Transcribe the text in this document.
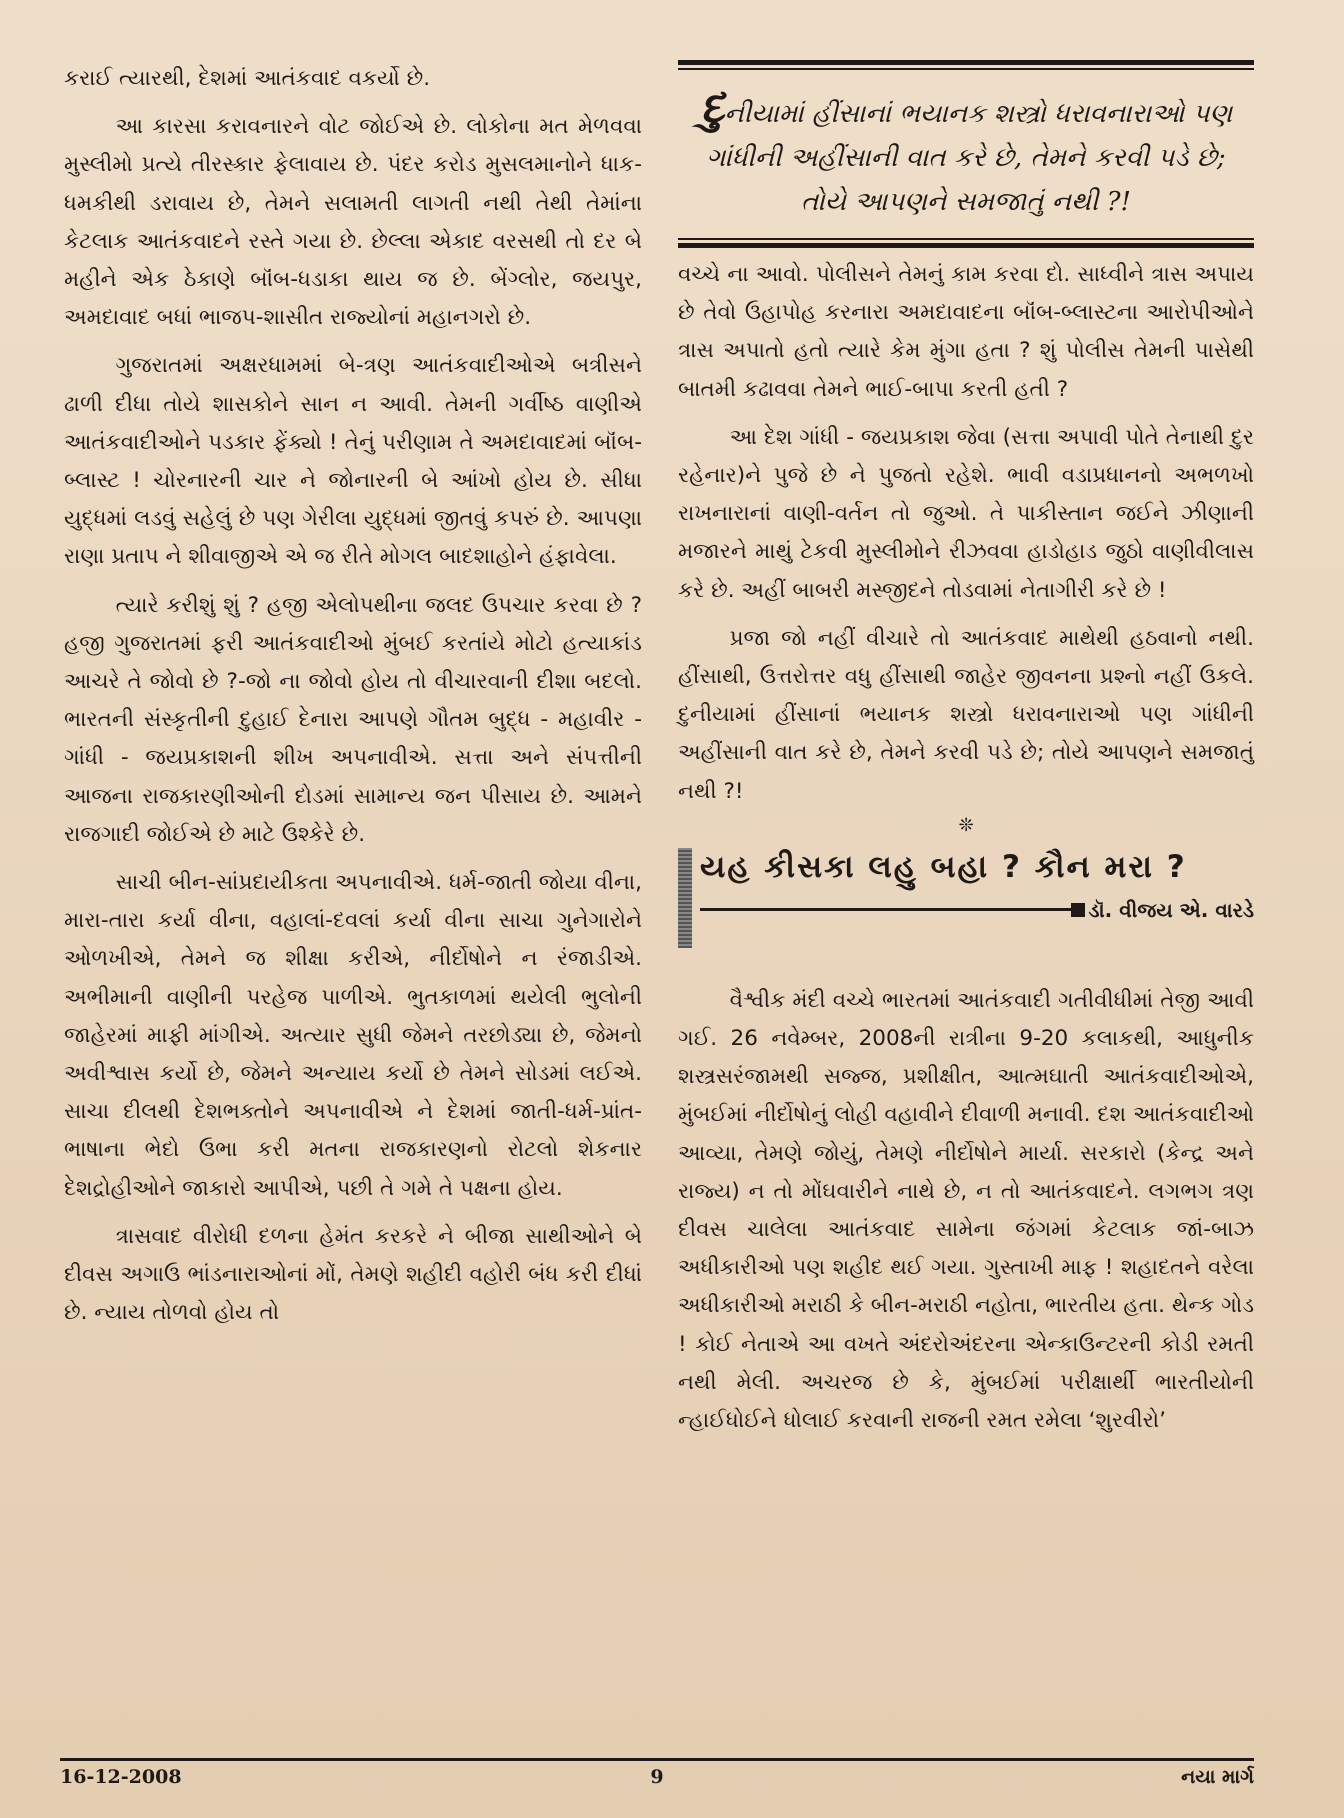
કરાઈ ત્યારથી, દેશમાં આતંકવાદ વકર્યો છે.

આ કારસા કરાવનારને વોટ જોઈએ છે. લોકોના મત મેળવવા મુસ્લીમો પ્રત્યે તીરસ્કાર ફેલાવાય છે. પંદર કરોડ મુસલમાનોને ધાક-ધમકીથી ડરાવાય છે, તેમને સલામતી લાગતી નથી તેથી તેમાંના કેટલાક આતંકવાદને રસ્તે ગયા છે. છેલ્લા એકાદ વરસથી તો દર બે મહીને એક ઠેકાણે બૉંબ-ધડાકા થાય જ છે. બેંગ્લોર, જયપુર, અમદાવાદ બધાં ભાજપ-શાસીત રાજ્યોનાં મહાનગરો છે.

ગુજરાતમાં અક્ષરધામમાં બે-ત્રણ આતંકવાદીઓએ બત્રીસને ઢાળી દીધા તોયે શાસકોને સાન ન આવી. તેમની ગર્વીષ્ઠ વાણીએ આતંકવાદીઓને પડકાર ફેંક્યો ! તેનું પરીણામ તે અમદાવાદમાં બૉંબ-બ્લાસ્ટ ! ચોરનારની ચાર ને જોનારની બે આંખો હોય છે. સીધા યુદ્ધમાં લડવું સહેલું છે પણ ગેરીલા યુદ્ધમાં જીતવું કપરું છે. આપણા રાણા પ્રતાપ ને શીવાજીએ એ જ રીતે મોગલ બાદશાહોને હંફાવેલા.

ત્યારે કરીશું શું ? હજી એલોપથીના જલદ ઉપચાર કરવા છે ? હજી ગુજરાતમાં ફરી આતંકવાદીઓ મુંબઈ કરતાંયે મોટો હત્યાકાંડ આચરે તે જોવો છે ?-જો ના જોવો હોય તો વીચારવાની દીશા બદલો. ભારતની સંસ્કૃતીની દુહાઈ દેનારા આપણે ગૌતમ બુદ્ધ - મહાવીર - ગાંધી - જયપ્રકાશની શીખ અપનાવીએ. સત્તા અને સંપત્તીની આજના રાજકારણીઓની દોડમાં સામાન્ય જન પીસાય છે. આમને રાજગાદી જોઈએ છે માટે ઉશ્કેરે છે.

સાચી બીન-સાંપ્રદાયીકતા અપનાવીએ. ધર્મ-જાતી જોયા વીના, મારા-તારા કર્યા વીના, વહાલાં-દવલાં કર્યા વીના સાચા ગુનેગારોને ઓળખીએ, તેમને જ શીક્ષા કરીએ, નીર્દોષોને ન રંજાડીએ. અભીમાની વાણીની પરહેજ પાળીએ. ભુતકાળમાં થયેલી ભુલોની જાહેરમાં માફી માંગીએ. અત્યાર સુધી જેમને તરછોડ્યા છે, જેમનો અવીશ્વાસ કર્યો છે, જેમને અન્યાય કર્યો છે તેમને સોડમાં લઈએ. સાચા દીલથી દેશભક્તોને અપનાવીએ ને દેશમાં જાતી-ધર્મ-પ્રાંત-ભાષાના ભેદો ઉભા કરી મતના રાજકારણનો રોટલો શેકનાર દેશદ્રોહીઓને જાકારો આપીએ, પછી તે ગમે તે પક્ષના હોય.

ત્રાસવાદ વીરોધી દળના હેમંત કરકરે ને બીજા સાથીઓને બે દીવસ અગાઉ ભાંડનારાઓનાં મોં, તેમણે શહીદી વહોરી બંધ કરી દીધાં છે. ન્યાય તોળવો હોય તો

દુનીયામાં હીંસાનાં ભયાનક શસ્ત્રો ધરાવનારાઓ પણ ગાંધીની અહીંસાની વાત કરે છે, તેમને કરવી પડે છે; તોયે આપણને સમજાતું નથી ?!

વચ્ચે ના આવો. પોલીસને તેમનું કામ કરવા દો. સાધ્વીને ત્રાસ અપાય છે તેવો ઉહાપોહ કરનારા અમદાવાદના બૉંબ-બ્લાસ્ટના આરોપીઓને ત્રાસ અપાતો હતો ત્યારે કેમ મુંગા હતા ? શું પોલીસ તેમની પાસેથી બાતમી કઢાવવા તેમને ભાઈ-બાપા કરતી હતી ?

આ દેશ ગાંધી - જયપ્રકાશ જેવા (સત્તા અપાવી પોતે તેનાથી દુર રહેનાર)ને પુજે છે ને પુજતો રહેશે. ભાવી વડાપ્રધાનનો અભળખો રાખનારાનાં વાણી-વર્તન તો જુઓ. તે પાકીસ્તાન જઈને ઝીણાની મજારને માથું ટેકવી મુસ્લીમોને રીઝવવા હાડોહાડ જુઠો વાણીવીલાસ કરે છે. અહીં બાબરી મસ્જીદને તોડવામાં નેતાગીરી કરે છે !

પ્રજા જો નહીં વીચારે તો આતંકવાદ માથેથી હઠવાનો નથી. હીંસાથી, ઉત્તરોત્તર વધુ હીંસાથી જાહેર જીવનના પ્રશ્નો નહીં ઉકલે. દુનીયામાં હીંસાનાં ભયાનક શસ્ત્રો ધરાવનારાઓ પણ ગાંધીની અહીંસાની વાત કરે છે, તેમને કરવી પડે છે; તોયે આપણને સમજાતું નથી ?!

❊
યહ કીસકા લહુ બહા ? કૌન મરા ?
ડૉ. વીજય એ. વારડે

વૈશ્વીક મંદી વચ્ચે ભારતમાં આતંકવાદી ગતીવીધીમાં તેજી આવી ગઈ. 26 નવેમ્બર, 2008ની રાત્રીના 9-20 કલાકથી, આધુનીક શસ્ત્રસરંજામથી સજ્જ, પ્રશીક્ષીત, આત્મઘાતી આતંકવાદીઓએ, મુંબઈમાં નીર્દોષોનું લોહી વહાવીને દીવાળી મનાવી. દશ આતંકવાદીઓ આવ્યા, તેમણે જોયું, તેમણે નીર્દોષોને માર્યા. સરકારો (કેન્દ્ર અને રાજ્ય) ન તો મોંઘવારીને નાથે છે, ન તો આતંકવાદને. લગભગ ત્રણ દીવસ ચાલેલા આતંકવાદ સામેના જંગમાં કેટલાક જાં-બાઝ અધીકારીઓ પણ શહીદ થઈ ગયા. ગુસ્તાખી માફ ! શહાદતને વરેલા અધીકારીઓ મરાઠી કે બીન-મરાઠી નહોતા, ભારતીય હતા. થેન્ક ગોડ ! કોઈ નેતાએ આ વખતે અંદરોઅંદરના એન્કાઉન્ટરની કોડી રમતી નથી મેલી. અચરજ છે કે, મુંબઈમાં પરીક્ષાર્થી ભારતીયોની ન્હાઈધોઈને ધોલાઈ કરવાની રાજની રમત રમેલા ‘શુરવીરો’

16-12-2008	9	નયા માર્ગ
